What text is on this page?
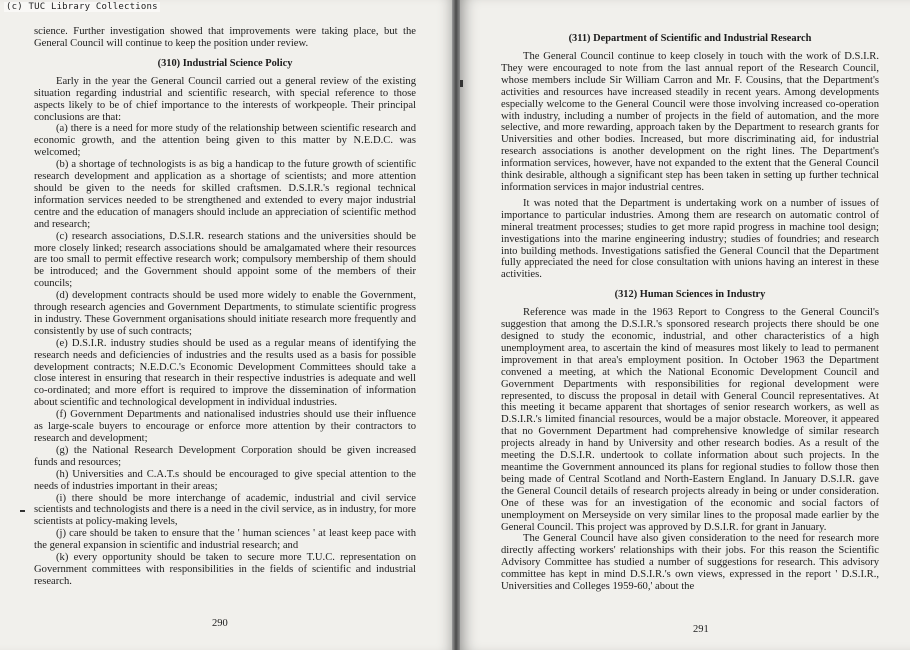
(c) TUC Library Collections

science. Further investigation showed that improvements were taking place, but the General Council will continue to keep the position under review.

(310) Industrial Science Policy

Early in the year the General Council carried out a general review of the existing situation regarding industrial and scientific research, with special reference to those aspects likely to be of chief importance to the interests of workpeople. Their principal conclusions are that:

(a) there is a need for more study of the relationship between scientific research and economic growth, and the attention being given to this matter by N.E.D.C. was welcomed;

(b) a shortage of technologists is as big a handicap to the future growth of scientific research development and application as a shortage of scientists; and more attention should be given to the needs for skilled craftsmen. D.S.I.R.'s regional technical information services needed to be strengthened and extended to every major industrial centre and the education of managers should include an appreciation of scientific method and research;

(c) research associations, D.S.I.R. research stations and the universities should be more closely linked; research associations should be amalgamated where their resources are too small to permit effective research work; compulsory membership of them should be introduced; and the Government should appoint some of the members of their councils;

(d) development contracts should be used more widely to enable the Government, through research agencies and Government Departments, to stimulate scientific progress in industry. These Government organisations should initiate research more frequently and consistently by use of such contracts;

(e) D.S.I.R. industry studies should be used as a regular means of identifying the research needs and deficiencies of industries and the results used as a basis for possible development contracts; N.E.D.C.'s Economic Development Committees should take a close interest in ensuring that research in their respective industries is adequate and well co-ordinated; and more effort is required to improve the dissemination of information about scientific and technological development in individual industries.

(f) Government Departments and nationalised industries should use their influence as large-scale buyers to encourage or enforce more attention by their contractors to research and development;

(g) the National Research Development Corporation should be given increased funds and resources;

(h) Universities and C.A.T.s should be encouraged to give special attention to the needs of industries important in their areas;

(i) there should be more interchange of academic, industrial and civil service scientists and technologists and there is a need in the civil service, as in industry, for more scientists at policy-making levels,

(j) care should be taken to ensure that the ' human sciences ' at least keep pace with the general expansion in scientific and industrial research; and

(k) every opportunity should be taken to secure more T.U.C. representation on Government committees with responsibilities in the fields of scientific and industrial research.

290
(311) Department of Scientific and Industrial Research

The General Council continue to keep closely in touch with the work of D.S.I.R. They were encouraged to note from the last annual report of the Research Council, whose members include Sir William Carron and Mr. F. Cousins, that the Department's activities and resources have increased steadily in recent years. Among developments especially welcome to the General Council were those involving increased co-operation with industry, including a number of projects in the field of automation, and the more selective, and more rewarding, approach taken by the Department to research grants for Universities and other bodies. Increased, but more discriminating aid, for industrial research associations is another development on the right lines. The Department's information services, however, have not expanded to the extent that the General Council think desirable, although a significant step has been taken in setting up further technical information services in major industrial centres.

It was noted that the Department is undertaking work on a number of issues of importance to particular industries. Among them are research on automatic control of mineral treatment processes; studies to get more rapid progress in machine tool design; investigations into the marine engineering industry; studies of foundries; and research into building methods. Investigations satisfied the General Council that the Department fully appreciated the need for close consultation with unions having an interest in these activities.

(312) Human Sciences in Industry

Reference was made in the 1963 Report to Congress to the General Council's suggestion that among the D.S.I.R.'s sponsored research projects there should be one designed to study the economic, industrial, and other characteristics of a high unemployment area, to ascertain the kind of measures most likely to lead to permanent improvement in that area's employment position. In October 1963 the Department convened a meeting, at which the National Economic Development Council and Government Departments with responsibilities for regional development were represented, to discuss the proposal in detail with General Council representatives. At this meeting it became apparent that shortages of senior research workers, as well as D.S.I.R.'s limited financial resources, would be a major obstacle. Moreover, it appeared that no Government Department had comprehensive knowledge of similar research projects already in hand by University and other research bodies. As a result of the meeting the D.S.I.R. undertook to collate information about such projects. In the meantime the Government announced its plans for regional studies to follow those then being made of Central Scotland and North-Eastern England. In January D.S.I.R. gave the General Council details of research projects already in being or under consideration. One of these was for an investigation of the economic and social factors of unemployment on Merseyside on very similar lines to the proposal made earlier by the General Council. This project was approved by D.S.I.R. for grant in January.

The General Council have also given consideration to the need for research more directly affecting workers' relationships with their jobs. For this reason the Scientific Advisory Committee has studied a number of suggestions for research. This advisory committee has kept in mind D.S.I.R.'s own views, expressed in the report ' D.S.I.R., Universities and Colleges 1959-60,' about the

291
